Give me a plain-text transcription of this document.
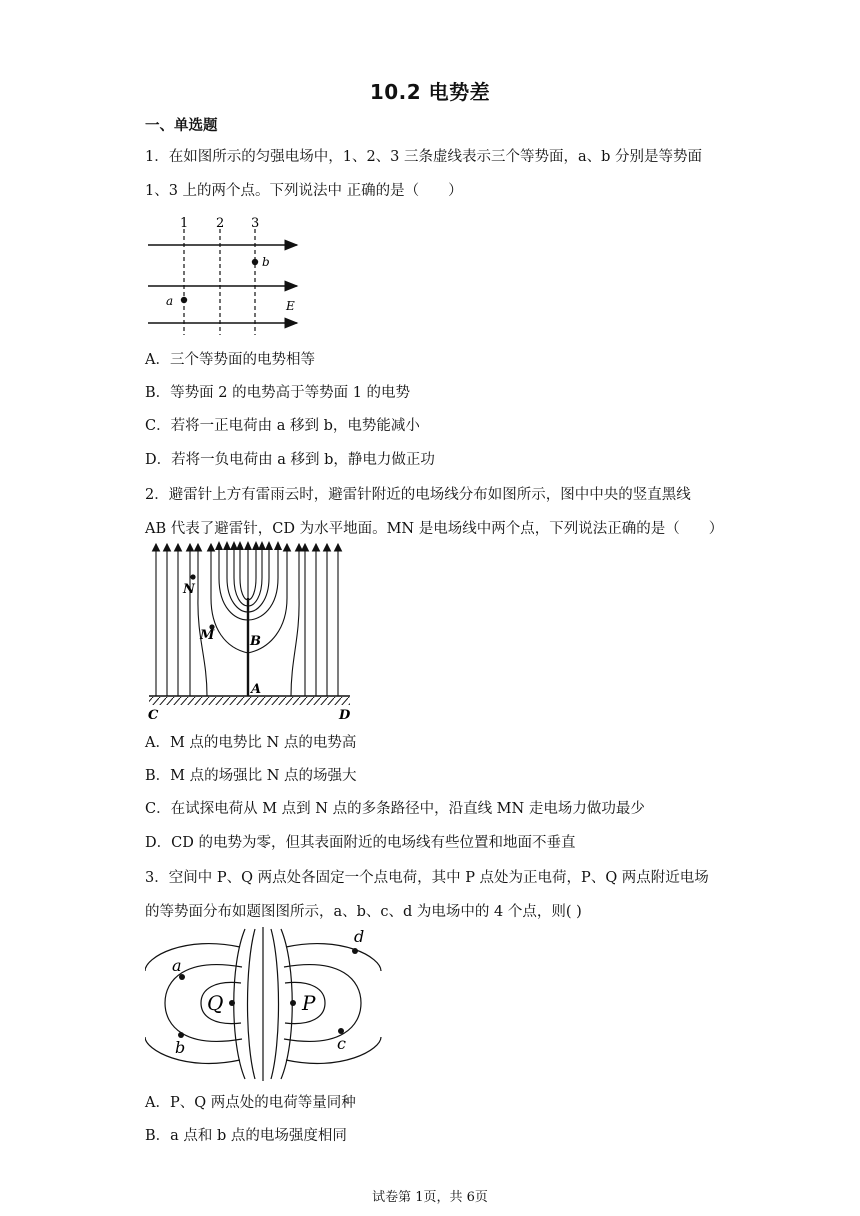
10.2 电势差
一、单选题
1．在如图所示的匀强电场中，1、2、3 三条虚线表示三个等势面，a、b 分别是等势面
1、3 上的两个点。下列说法中 正确的是（　　）
1 2 3
b
a	E
A．三个等势面的电势相等
B．等势面 2 的电势高于等势面 1 的电势
C．若将一正电荷由 a 移到 b，电势能减小
D．若将一负电荷由 a 移到 b，静电力做正功
2．避雷针上方有雷雨云时，避雷针附近的电场线分布如图所示，图中中央的竖直黑线
AB 代表了避雷针，CD 为水平地面。MN 是电场线中两个点，下列说法正确的是（　　）
N
M	B
A
C	D
A．M 点的电势比 N 点的电势高
B．M 点的场强比 N 点的场强大
C．在试探电荷从 M 点到 N 点的多条路径中，沿直线 MN 走电场力做功最少
D．CD 的电势为零，但其表面附近的电场线有些位置和地面不垂直
3．空间中 P、Q 两点处各固定一个点电荷，其中 P 点处为正电荷，P、Q 两点附近电场
的等势面分布如题图图所示，a、b、c、d 为电场中的 4 个点，则( )
Q	P
a
b	c
d
A．P、Q 两点处的电荷等量同种
B．a 点和 b 点的电场强度相同
试卷第 1页，共 6页
